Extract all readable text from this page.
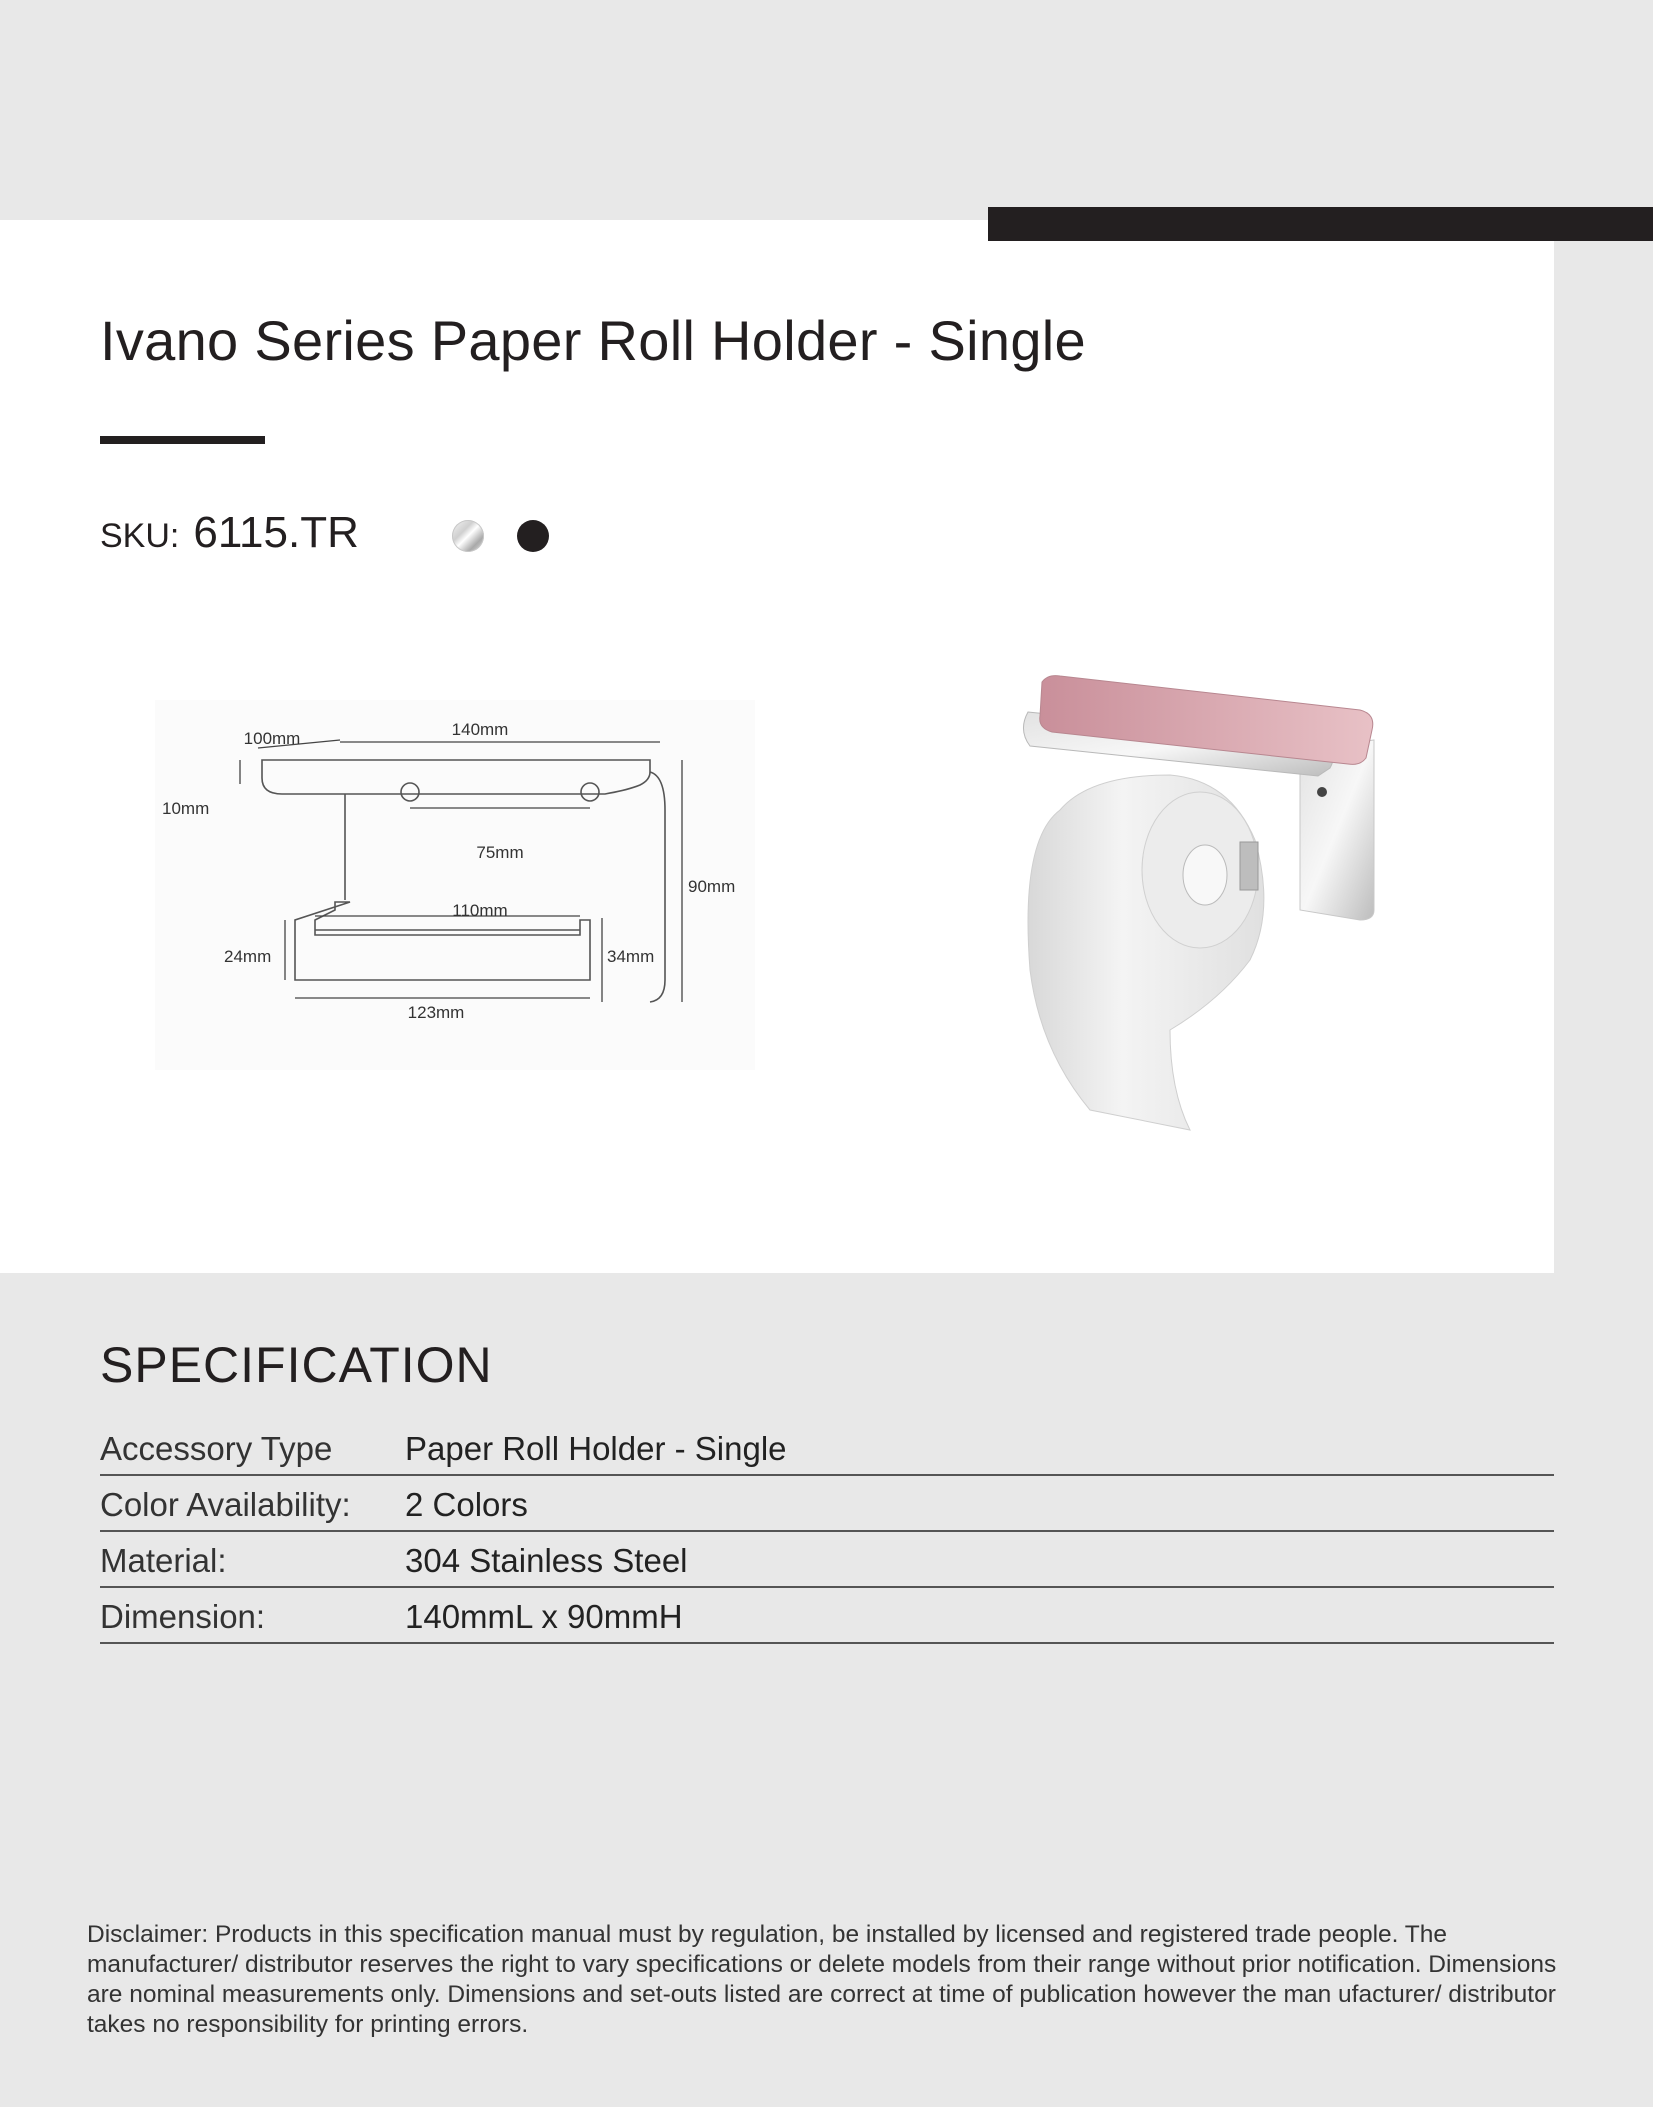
Ivano Series Paper Roll Holder - Single
SKU: 6115.TR
140mm
100mm
10mm
75mm
90mm
110mm
24mm	34mm
123mm
SPECIFICATION
Accessory Type Paper Roll Holder - Single
Color Availability: 2 Colors
Material:	304 Stainless Steel
Dimension:	140mmL x 90mmH
Disclaimer: Products in this specification manual must by regulation, be installed by licensed and registered trade people. The manufacturer/ distributor reserves the right to vary specifications or delete models from their range without prior notification. Dimensions are nominal measurements only. Dimensions and set-outs listed are correct at time of publication however the man ufacturer/ distributor takes no responsibility for printing errors.
